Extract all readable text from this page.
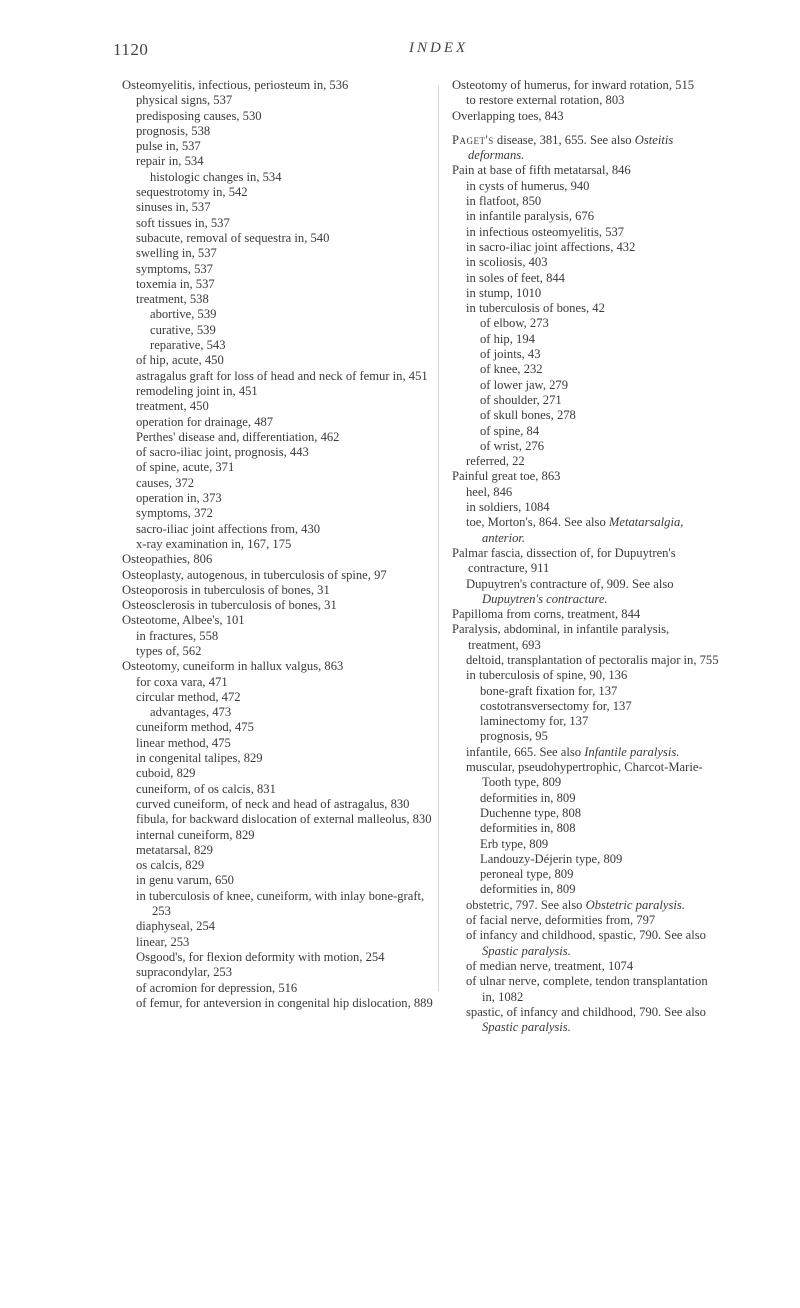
1120	INDEX
Osteomyelitis, infectious, periosteum in, 536
physical signs, 537
predisposing causes, 530
prognosis, 538
pulse in, 537
repair in, 534
histologic changes in, 534
sequestrotomy in, 542
sinuses in, 537
soft tissues in, 537
subacute, removal of sequestra in, 540
swelling in, 537
symptoms, 537
toxemia in, 537
treatment, 538
abortive, 539
curative, 539
reparative, 543
of hip, acute, 450
astragalus graft for loss of head and neck of femur in, 451
remodeling joint in, 451
treatment, 450
operation for drainage, 487
Perthes' disease and, differentiation, 462
of sacro-iliac joint, prognosis, 443
of spine, acute, 371
causes, 372
operation in, 373
symptoms, 372
sacro-iliac joint affections from, 430
x-ray examination in, 167, 175
Osteopathies, 806
Osteoplasty, autogenous, in tuberculosis of spine, 97
Osteoporosis in tuberculosis of bones, 31
Osteosclerosis in tuberculosis of bones, 31
Osteotome, Albee's, 101
in fractures, 558
types of, 562
Osteotomy, cuneiform in hallux valgus, 863
for coxa vara, 471
circular method, 472
advantages, 473
cuneiform method, 475
linear method, 475
in congenital talipes, 829
cuboid, 829
cuneiform, of os calcis, 831
curved cuneiform, of neck and head of astragalus, 830
fibula, for backward dislocation of external malleolus, 830
internal cuneiform, 829
metatarsal, 829
os calcis, 829
in genu varum, 650
in tuberculosis of knee, cuneiform, with inlay bone-graft, 253
diaphyseal, 254
linear, 253
Osgood's, for flexion deformity with motion, 254
supracondylar, 253
of acromion for depression, 516
of femur, for anteversion in congenital hip dislocation, 889
Osteotomy of humerus, for inward rotation, 515
to restore external rotation, 803
Overlapping toes, 843
Paget's disease, 381, 655. See also Osteitis deformans.
Pain at base of fifth metatarsal, 846
in cysts of humerus, 940
in flatfoot, 850
in infantile paralysis, 676
in infectious osteomyelitis, 537
in sacro-iliac joint affections, 432
in scoliosis, 403
in soles of feet, 844
in stump, 1010
in tuberculosis of bones, 42
of elbow, 273
of hip, 194
of joints, 43
of knee, 232
of lower jaw, 279
of shoulder, 271
of skull bones, 278
of spine, 84
of wrist, 276
referred, 22
Painful great toe, 863
heel, 846
in soldiers, 1084
toe, Morton's, 864. See also Metatarsalgia, anterior.
Palmar fascia, dissection of, for Dupuytren's contracture, 911
Dupuytren's contracture of, 909. See also Dupuytren's contracture.
Papilloma from corns, treatment, 844
Paralysis, abdominal, in infantile paralysis, treatment, 693
deltoid, transplantation of pectoralis major in, 755
in tuberculosis of spine, 90, 136
bone-graft fixation for, 137
costotransversectomy for, 137
laminectomy for, 137
prognosis, 95
infantile, 665. See also Infantile paralysis.
muscular, pseudohypertrophic, Charcot-Marie-Tooth type, 809
deformities in, 809
Duchenne type, 808
deformities in, 808
Erb type, 809
Landouzy-Déjerin type, 809
peroneal type, 809
deformities in, 809
obstetric, 797. See also Obstetric paralysis.
of facial nerve, deformities from, 797
of infancy and childhood, spastic, 790. See also Spastic paralysis.
of median nerve, treatment, 1074
of ulnar nerve, complete, tendon transplantation in, 1082
spastic, of infancy and childhood, 790. See also Spastic paralysis.
